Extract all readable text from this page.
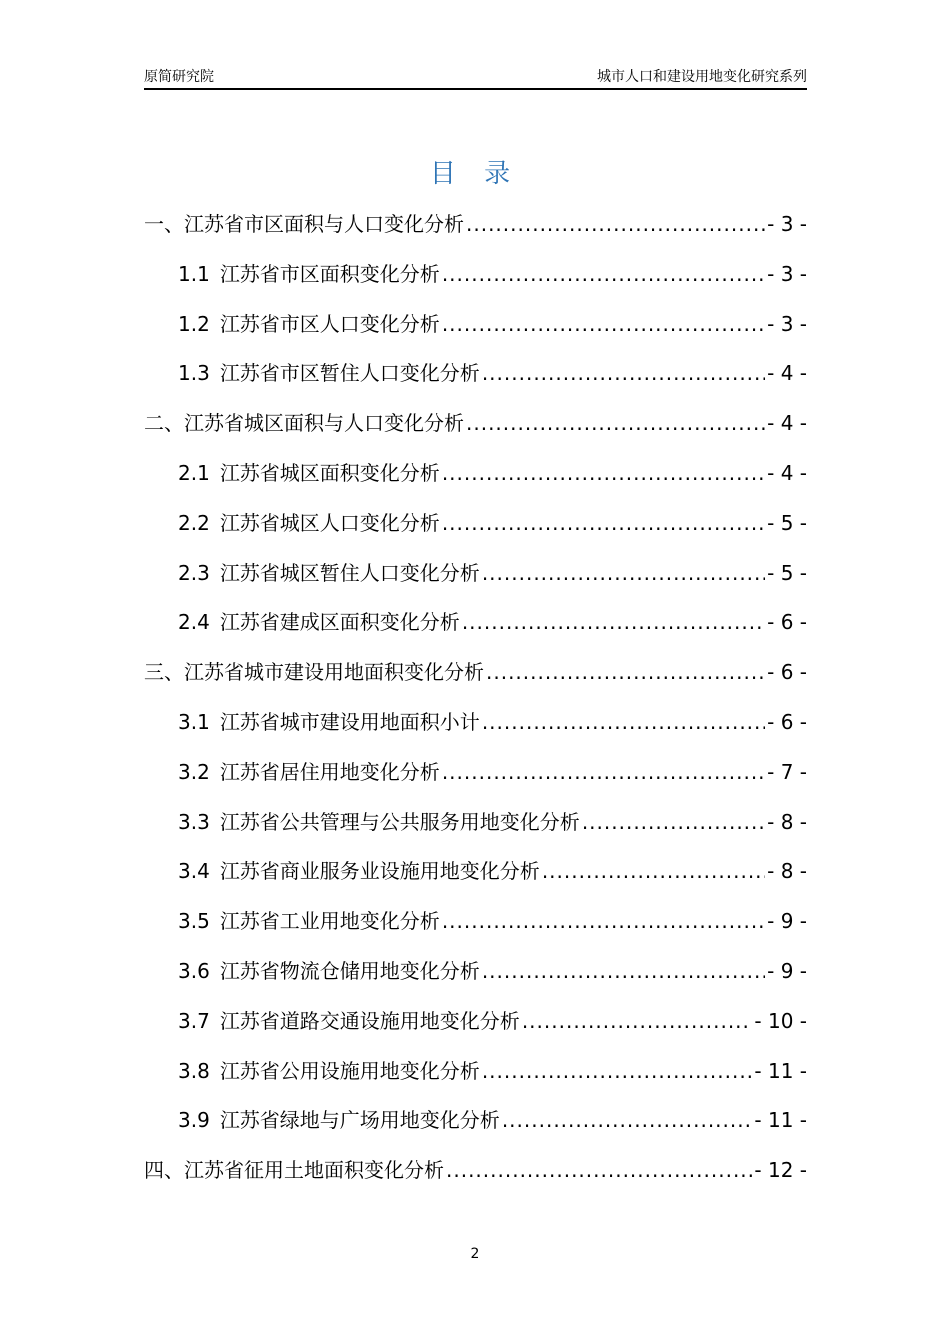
原简研究院	城市人口和建设用地变化研究系列
目 录
一、江苏省市区面积与人口变化分析 .....	- 3 -
1.1 江苏省市区面积变化分析 .....	- 3 -
1.2 江苏省市区人口变化分析 .....	- 3 -
1.3 江苏省市区暂住人口变化分析 .....	- 4 -
二、江苏省城区面积与人口变化分析 .....	- 4 -
2.1 江苏省城区面积变化分析 .....	- 4 -
2.2 江苏省城区人口变化分析 .....	- 5 -
2.3 江苏省城区暂住人口变化分析 .....	- 5 -
2.4 江苏省建成区面积变化分析 .....	- 6 -
三、江苏省城市建设用地面积变化分析 .....	- 6 -
3.1 江苏省城市建设用地面积小计 .....	- 6 -
3.2 江苏省居住用地变化分析 .....	- 7 -
3.3 江苏省公共管理与公共服务用地变化分析 .....	- 8 -
3.4 江苏省商业服务业设施用地变化分析 .....	- 8 -
3.5 江苏省工业用地变化分析 .....	- 9 -
3.6 江苏省物流仓储用地变化分析 .....	- 9 -
3.7 江苏省道路交通设施用地变化分析 .....	- 10 -
3.8 江苏省公用设施用地变化分析 .....	- 11 -
3.9 江苏省绿地与广场用地变化分析 .....	- 11 -
四、江苏省征用土地面积变化分析 .....	- 12 -
2
